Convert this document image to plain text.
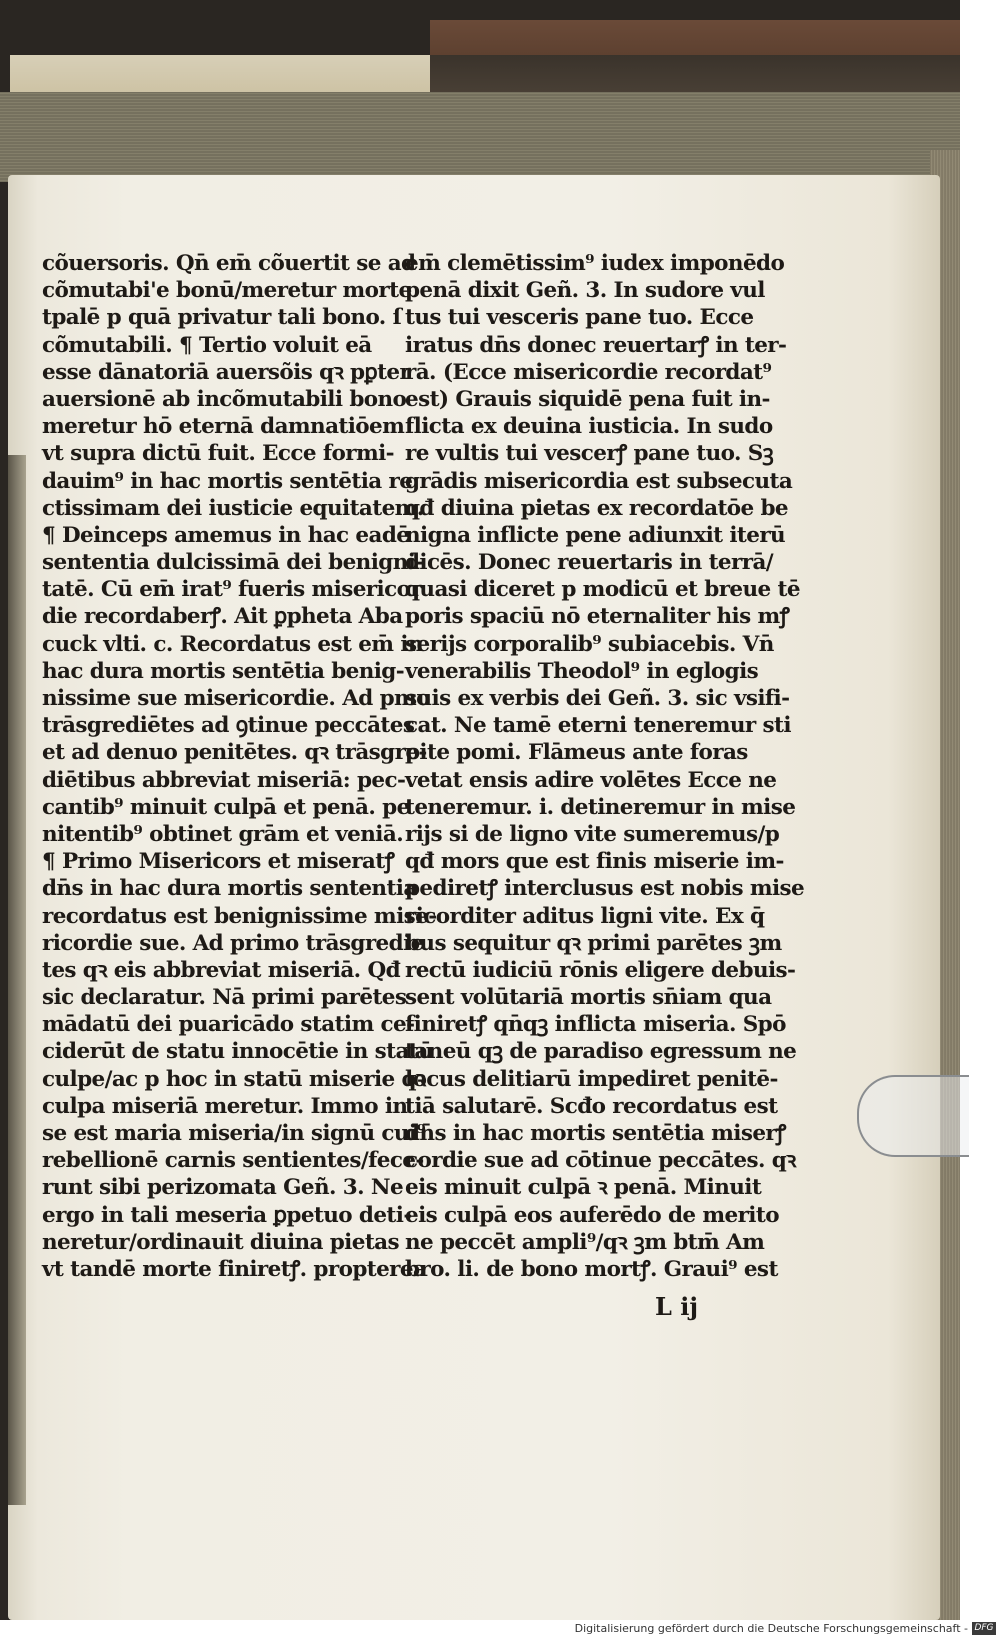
cõuersoris. Qn̄ em̄ cõuertit se ad
cõmutabi'e bonū/meretur morte
tpalē p quā privatur tali bono. ſ
cõmutabili. ¶ Tertio voluit eā
esse dānatoriā auersõis qꝛ pꝑter
auersionē ab incõmutabili bono
meretur hō eternā damnatiōem
vt supra dictū fuit. Ecce formi-
dauim⁹ in hac mortis sentētia re
ctissimam dei iusticie equitatem.
¶ Deinceps amemus in hac eadē
sententia dulcissimā dei benigni-
tatē. Cū em̄ irat⁹ fueris misericor
die recordaberꝭ. Ait ꝑpheta Aba
cuck vlti. c. Recordatus est em̄ in
hac dura mortis sentētia benig-
nissime sue misericordie. Ad pmo
trāsgrediētes ad ꝯtinue peccātes
et ad denuo penitētes. qꝛ trāsgre-
diētibus abbreviat miseriā: pec-
cantib⁹ minuit culpā et penā. pe
nitentib⁹ obtinet grām et veniā.
¶ Primo Misericors et miseratꝭ
dn̄s in hac dura mortis sententia
recordatus est benignissime mise-
ricordie sue. Ad primo trāsgredie
tes qꝛ eis abbreviat miseriā. Qđ
sic declaratur. Nā primi parētes
mādatū dei puaricādo statim ce-
ciderūt de statu innocētie in statū
culpe/ac p hoc in statū miserie qꝛ
culpa miseriā meretur. Immo in
se est maria miseria/in signū cui⁹
rebellionē carnis sentientes/fece-
runt sibi perizomata Geñ. 3. Ne
ergo in tali meseria ꝑpetuo deti-
neretur/ordinauit diuina pietas
vt tandē morte finiretꝭ. propterea
em̄ clemētissim⁹ iudex imponēdo
penā dixit Geñ. 3. In sudore vul
tus tui vesceris pane tuo. Ecce
iratus dn̄s donec reuertarꝭ in ter-
rā. (Ecce misericordie recordat⁹
est) Grauis siquidē pena fuit in-
flicta ex deuina iusticia. In sudo
re vultis tui vescerꝭ pane tuo. Sꝫ
grādis misericordia est subsecuta
qđ diuina pietas ex recordatōe be
nigna inflicte pene adiunxit iterū
dicēs. Donec reuertaris in terrā/
quasi diceret p modicū et breue tē
poris spaciū nō eternaliter his mꝭ
serijs corporalib⁹ subiacebis. Vn̄
venerabilis Theodol⁹ in eglogis
suis ex verbis dei Geñ. 3. sic vsifi-
cat. Ne tamē eterni teneremur sti
pite pomi. Flāmeus ante foras
vetat ensis adire volētes Ecce ne
teneremur. i. detineremur in mise
rijs si de ligno vite sumeremus/p
qđ mors que est finis miserie im-
pediretꝭ interclusus est nobis mise
ricorditer aditus ligni vite. Ex q̄
bus sequitur qꝛ primi parētes ꝫm
rectū iudiciū rōnis eligere debuis-
sent volūtariā mortis sn̄iam qua
finiretꝭ qn̄qꝫ inflicta miseria. Spō
taneū qꝫ de paradiso egressum ne
locus delitiarū impediret penitē-
tiā salutarē. Scđo recordatus est
dn̄s in hac mortis sentētia miserꝭ
cordie sue ad cōtinue peccātes. qꝛ
eis minuit culpā ꝛ penā. Minuit
eis culpā eos auferēdo de merito
ne peccēt ampli⁹/qꝛ ꝫm btm̄ Am
bro. li. de bono mortꝭ. Graui⁹ est
L ij
Digitalisierung gefördert durch die Deutsche Forschungsgemeinschaft - DFG
